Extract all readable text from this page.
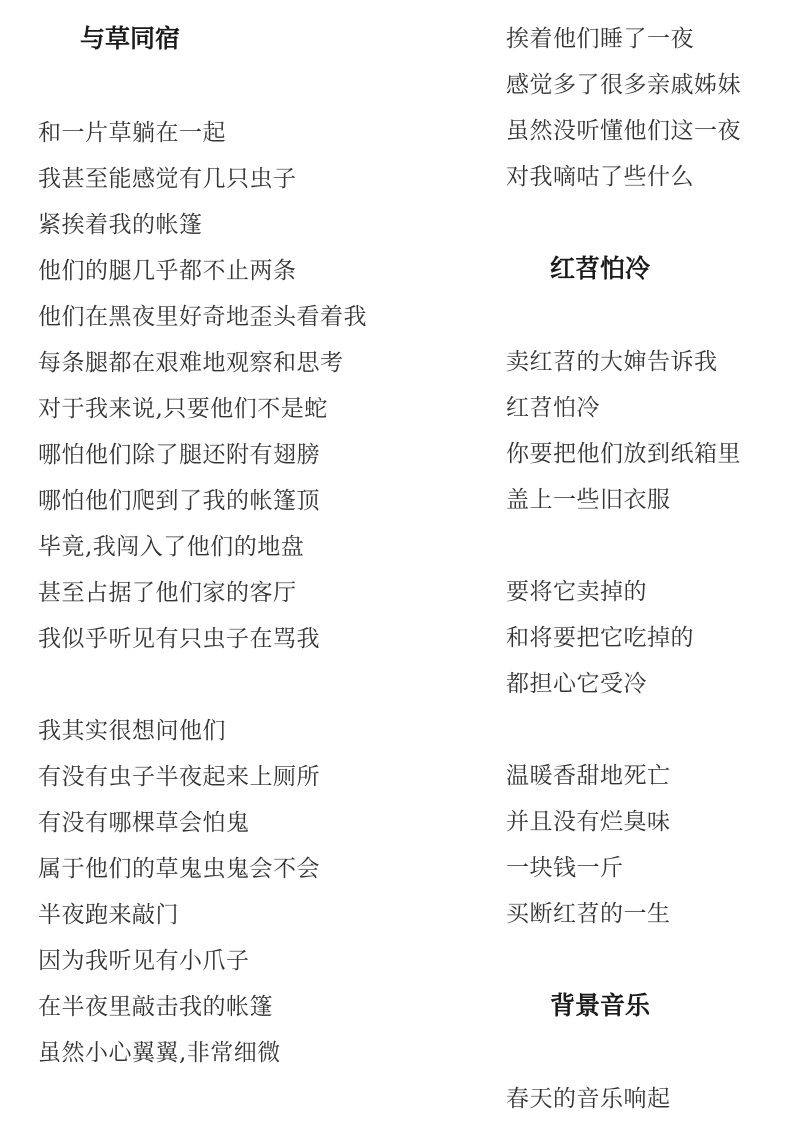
与草同宿
和一片草躺在一起
我甚至能感觉有几只虫子
紧挨着我的帐篷
他们的腿几乎都不止两条
他们在黑夜里好奇地歪头看着我
每条腿都在艰难地观察和思考
对于我来说,只要他们不是蛇
哪怕他们除了腿还附有翅膀
哪怕他们爬到了我的帐篷顶
毕竟,我闯入了他们的地盘
甚至占据了他们家的客厅
我似乎听见有只虫子在骂我
我其实很想问他们
有没有虫子半夜起来上厕所
有没有哪棵草会怕鬼
属于他们的草鬼虫鬼会不会
半夜跑来敲门
因为我听见有小爪子
在半夜里敲击我的帐篷
虽然小心翼翼,非常细微
挨着他们睡了一夜
感觉多了很多亲戚姊妹
虽然没听懂他们这一夜
对我嘀咕了些什么
红苕怕冷
卖红苕的大婶告诉我
红苕怕冷
你要把他们放到纸箱里
盖上一些旧衣服
要将它卖掉的
和将要把它吃掉的
都担心它受冷
温暖香甜地死亡
并且没有烂臭味
一块钱一斤
买断红苕的一生
背景音乐
春天的音乐响起
